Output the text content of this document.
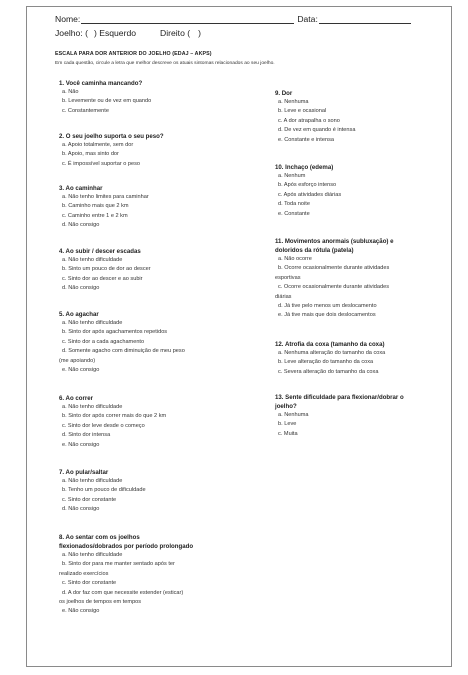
Nome:	Data:
Joelho: ( ) Esquerdo	Direito ( )
ESCALA PARA DOR ANTERIOR DO JOELHO (EDAJ – AKPS)
Em cada questão, circule a letra que melhor descreve os atuais sintomas relacionados ao seu joelho.
1. Você caminha mancando?
a. Não
b. Levemente ou de vez em quando
c. Constantemente
2. O seu joelho suporta o seu peso?
a. Apoio totalmente, sem dor
b. Apoio, mas sinto dor
c. É impossível suportar o peso
3. Ao caminhar
a. Não tenho limites para caminhar
b. Caminho mais que 2 km
c. Caminho entre 1 e 2 km
d. Não consigo
4. Ao subir / descer escadas
a. Não tenho dificuldade
b. Sinto um pouco de dor ao descer
c. Sinto dor ao descer e ao subir
d. Não consigo
5. Ao agachar
a. Não tenho dificuldade
b. Sinto dor após agachamentos repetidos
c. Sinto dor a cada agachamento
d. Somente agacho com diminuição de meu peso
(me apoiando)
e. Não consigo
6. Ao correr
a. Não tenho dificuldade
b. Sinto dor após correr mais do que 2 km
c. Sinto dor leve desde o começo
d. Sinto dor intensa
e. Não consigo
7. Ao pular/saltar
a. Não tenho dificuldade
b. Tenho um pouco de dificuldade
c. Sinto dor constante
d. Não consigo
8. Ao sentar com os joelhos
flexionados/dobrados por período prolongado
a. Não tenho dificuldade
b. Sinto dor para me manter sentado após ter
realizado exercícios
c. Sinto dor constante
d. A dor faz com que necessite estender (esticar)
os joelhos de tempos em tempos
e. Não consigo
9. Dor
a. Nenhuma
b. Leve e ocasional
c. A dor atrapalha o sono
d. De vez em quando é intensa
e. Constante e intensa
10. Inchaço (edema)
a. Nenhum
b. Após esforço intenso
c. Após atividades diárias
d. Toda noite
e. Constante
11. Movimentos anormais (subluxação) e
doloridos da rótula (patela)
a. Não ocorre
b. Ocorre ocasionalmente durante atividades
esportivas
c. Ocorre ocasionalmente durante atividades
diárias
d. Já tive pelo menos um deslocamento
e. Já tive mais que dois deslocamentos
12. Atrofia da coxa (tamanho da coxa)
a. Nenhuma alteração do tamanho da coxa
b. Leve alteração do tamanho da coxa
c. Severa alteração do tamanho da coxa
13. Sente dificuldade para flexionar/dobrar o
joelho?
a. Nenhuma
b. Leve
c. Muita
